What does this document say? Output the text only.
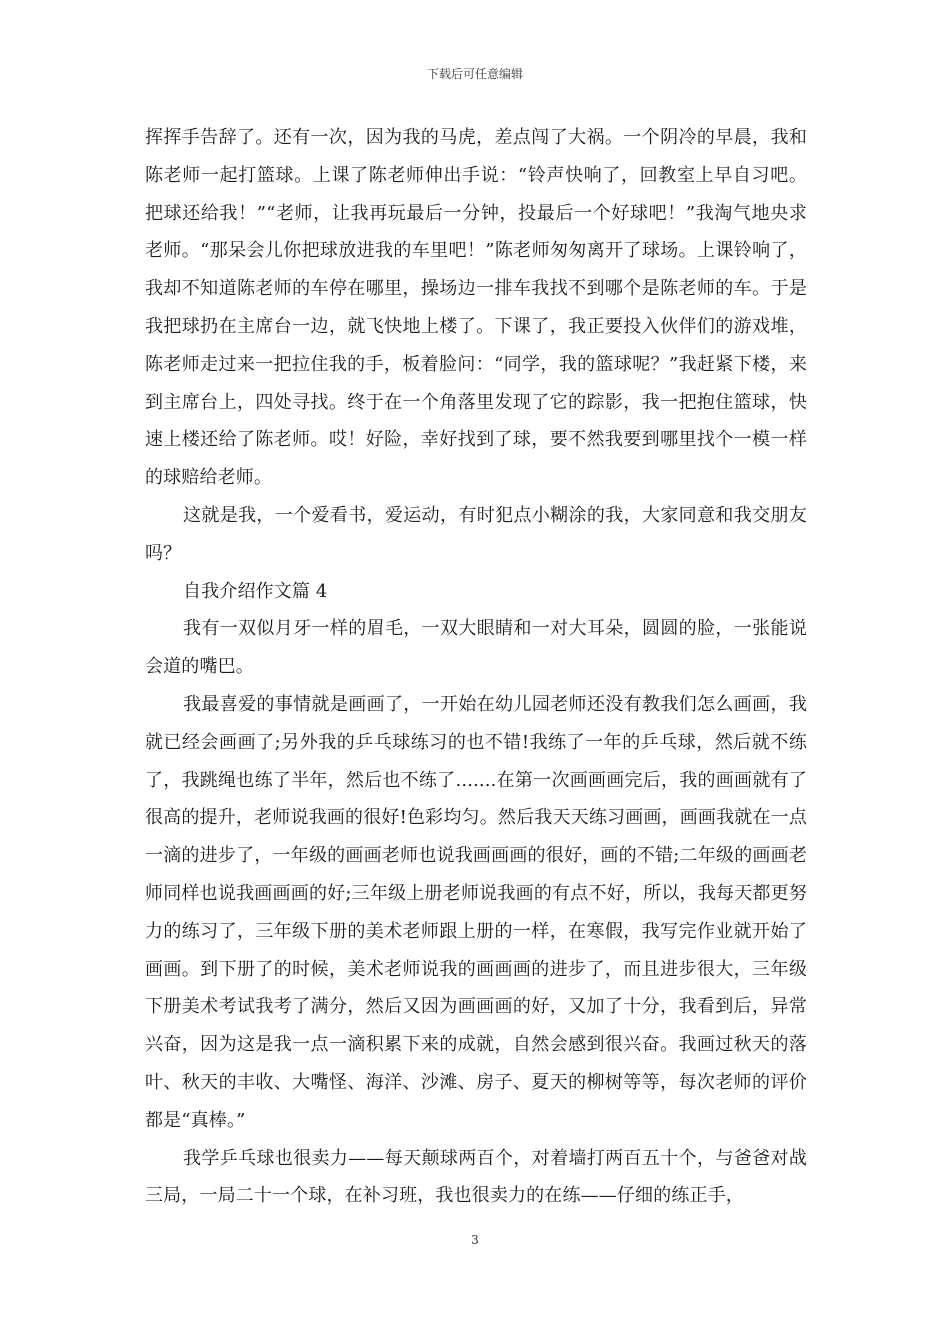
下载后可任意编辑

挥挥手告辞了。还有一次，因为我的马虎，差点闯了大祸。一个阴冷的早晨，我和陈老师一起打篮球。上课了陈老师伸出手说：“铃声快响了，回教室上早自习吧。把球还给我！”“老师，让我再玩最后一分钟，投最后一个好球吧！”我淘气地央求老师。“那呆会儿你把球放进我的车里吧！”陈老师匆匆离开了球场。上课铃响了，我却不知道陈老师的车停在哪里，操场边一排车我找不到哪个是陈老师的车。于是我把球扔在主席台一边，就飞快地上楼了。下课了，我正要投入伙伴们的游戏堆，陈老师走过来一把拉住我的手，板着脸问：“同学，我的篮球呢？”我赶紧下楼，来到主席台上，四处寻找。终于在一个角落里发现了它的踪影，我一把抱住篮球，快速上楼还给了陈老师。哎！好险，幸好找到了球，要不然我要到哪里找个一模一样的球赔给老师。

这就是我，一个爱看书，爱运动，有时犯点小糊涂的我，大家同意和我交朋友吗？

自我介绍作文篇 4

我有一双似月牙一样的眉毛，一双大眼睛和一对大耳朵，圆圆的脸，一张能说会道的嘴巴。

我最喜爱的事情就是画画了，一开始在幼儿园老师还没有教我们怎么画画，我就已经会画画了;另外我的乒乓球练习的也不错!我练了一年的乒乓球，然后就不练了，我跳绳也练了半年，然后也不练了.......在第一次画画画完后，我的画画就有了很高的提升，老师说我画的很好!色彩均匀。然后我天天练习画画，画画我就在一点一滴的进步了，一年级的画画老师也说我画画画的很好，画的不错;二年级的画画老师同样也说我画画画的好;三年级上册老师说我画的有点不好，所以，我每天都更努力的练习了，三年级下册的美术老师跟上册的一样，在寒假，我写完作业就开始了画画。到下册了的时候，美术老师说我的画画画的进步了，而且进步很大，三年级下册美术考试我考了满分，然后又因为画画画的好，又加了十分，我看到后，异常兴奋，因为这是我一点一滴积累下来的成就，自然会感到很兴奋。我画过秋天的落叶、秋天的丰收、大嘴怪、海洋、沙滩、房子、夏天的柳树等等，每次老师的评价都是“真棒。”

我学乒乓球也很卖力——每天颠球两百个，对着墙打两百五十个，与爸爸对战三局，一局二十一个球，在补习班，我也很卖力的在练——仔细的练正手，

3
